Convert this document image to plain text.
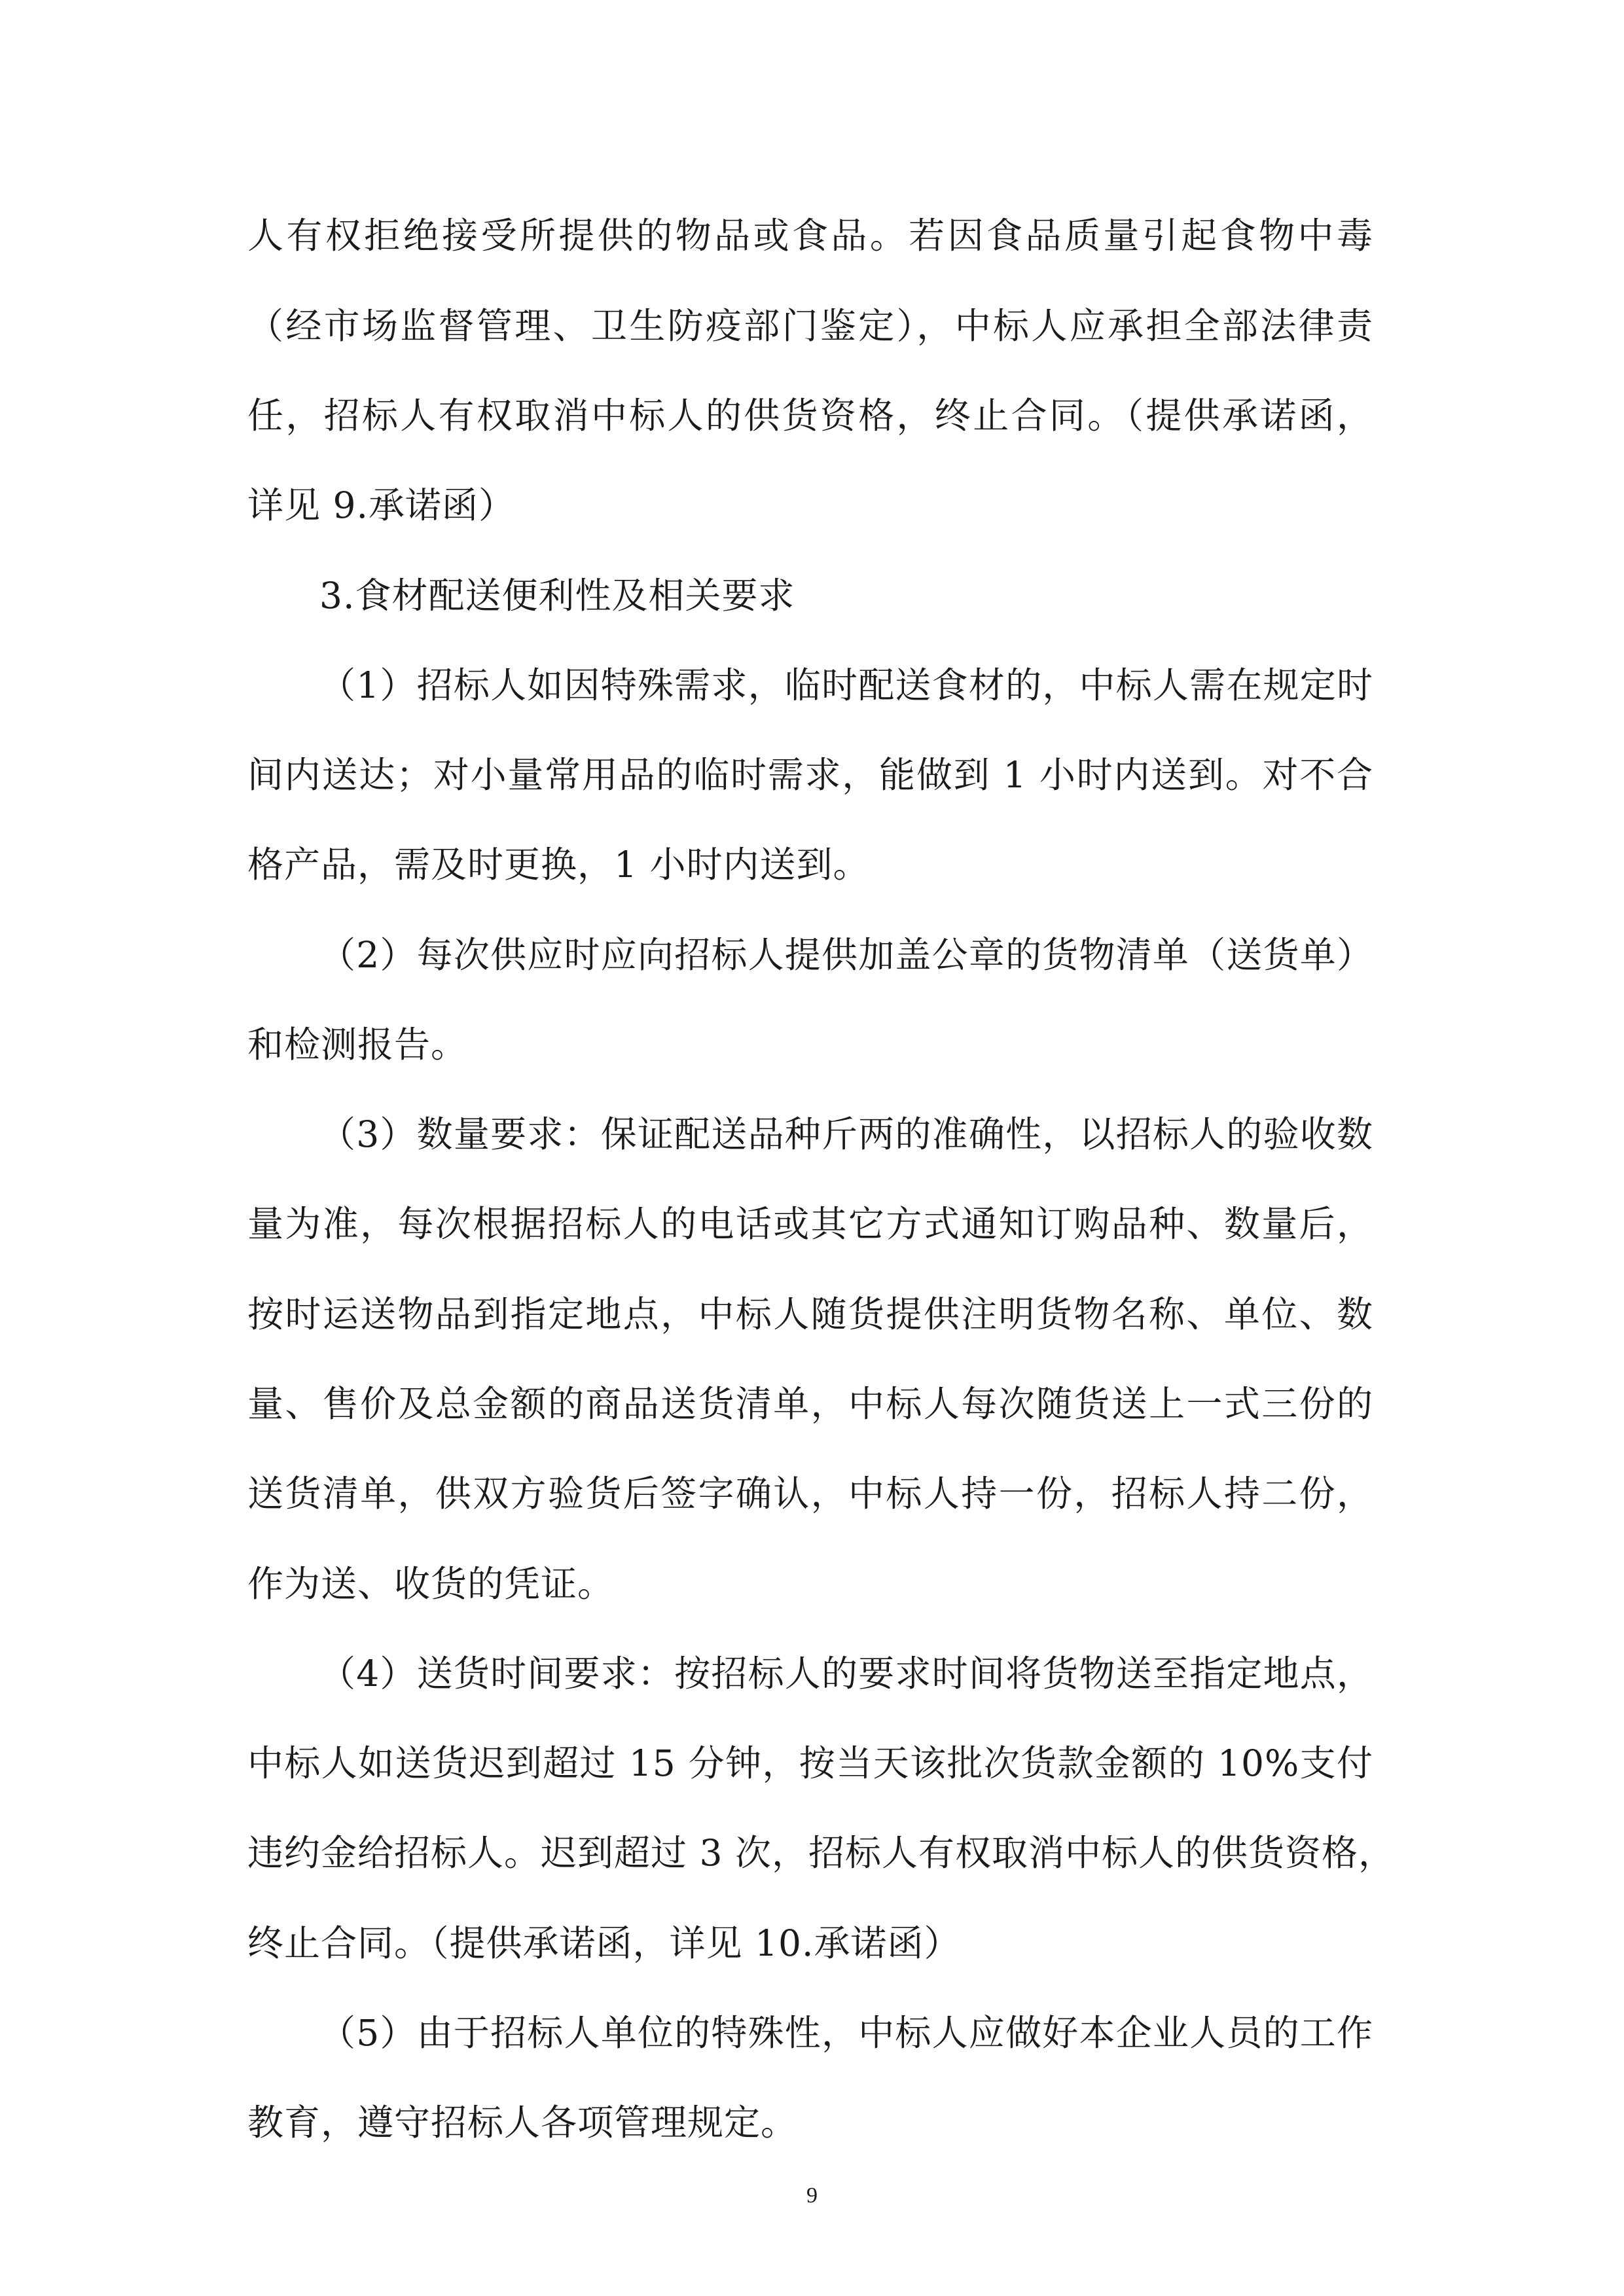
人有权拒绝接受所提供的物品或食品。若因食品质量引起食物中毒
（经市场监督管理、卫生防疫部门鉴定），中标人应承担全部法律责
任，招标人有权取消中标人的供货资格，终止合同。（提供承诺函，
详见 9.承诺函）
3.食材配送便利性及相关要求
（1）招标人如因特殊需求，临时配送食材的，中标人需在规定时
间内送达；对小量常用品的临时需求，能做到 1 小时内送到。对不合
格产品，需及时更换，1 小时内送到。
（2）每次供应时应向招标人提供加盖公章的货物清单（送货单）
和检测报告。
（3）数量要求：保证配送品种斤两的准确性，以招标人的验收数
量为准，每次根据招标人的电话或其它方式通知订购品种、数量后，
按时运送物品到指定地点，中标人随货提供注明货物名称、单位、数
量、售价及总金额的商品送货清单，中标人每次随货送上一式三份的
送货清单，供双方验货后签字确认，中标人持一份，招标人持二份，
作为送、收货的凭证。
（4）送货时间要求：按招标人的要求时间将货物送至指定地点，
中标人如送货迟到超过 15 分钟，按当天该批次货款金额的 10%支付
违约金给招标人。迟到超过 3 次，招标人有权取消中标人的供货资格，
终止合同。（提供承诺函，详见 10.承诺函）
（5）由于招标人单位的特殊性，中标人应做好本企业人员的工作
教育，遵守招标人各项管理规定。
9
